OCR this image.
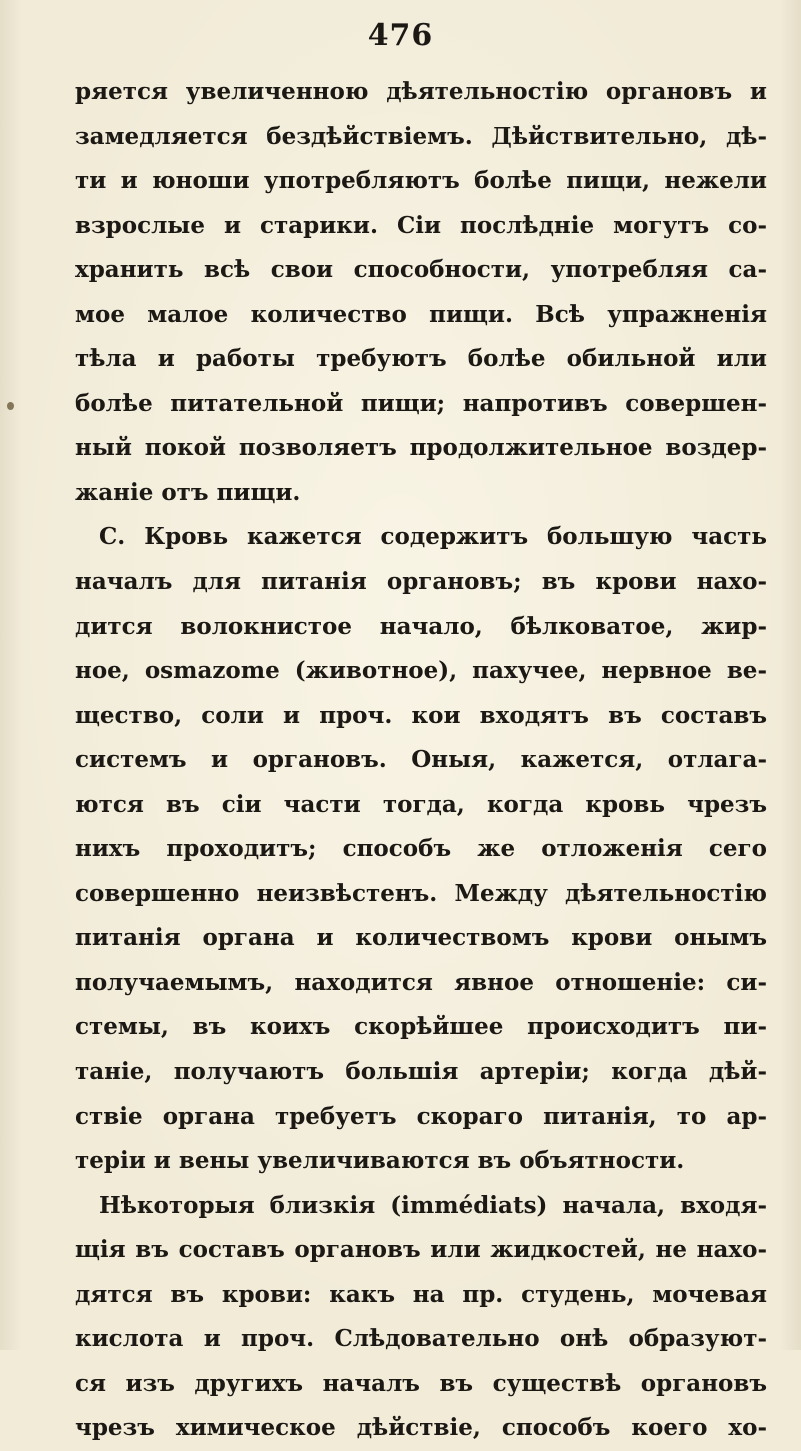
476
ряется увеличенною дѣятельностію органовъ и
замедляется бездѣйствіемъ. Дѣйствительно, дѣ-
ти и юноши употребляютъ болѣе пищи, нежели
взрослые и старики. Сіи послѣдніе могутъ со-
хранить всѣ свои способности, употребляя са-
мое малое количество пищи. Всѣ упражненія
тѣла и работы требуютъ болѣе обильной или
болѣе питательной пищи; напротивъ совершен-
ный покой позволяетъ продолжительное воздер-
жаніе отъ пищи.
С. Кровь кажется содержитъ большую часть
началъ для питанія органовъ; въ крови нахо-
дится волокнистое начало, бѣлковатое, жир-
ное, osmazome (животное), пахучее, нервное ве-
щество, соли и проч. кои входятъ въ составъ
системъ и органовъ. Оныя, кажется, отлага-
ются въ сіи части тогда, когда кровь чрезъ
нихъ проходитъ; способъ же отложенія сего
совершенно неизвѣстенъ. Между дѣятельностію
питанія органа и количествомъ крови онымъ
получаемымъ, находится явное отношеніе: си-
стемы, въ коихъ скорѣйшее происходитъ пи-
таніе, получаютъ большія артеріи; когда дѣй-
ствіе органа требуетъ скораго питанія, то ар-
теріи и вены увеличиваются въ объятности.
Нѣкоторыя близкія (immédiats) начала, входя-
щія въ составъ органовъ или жидкостей, не нахо-
дятся въ крови: какъ на пр. студень, мочевая
кислота и проч. Слѣдовательно онѣ образуют-
ся изъ другихъ началъ въ существѣ органовъ
чрезъ химическое дѣйствіе, способъ коего хо-
